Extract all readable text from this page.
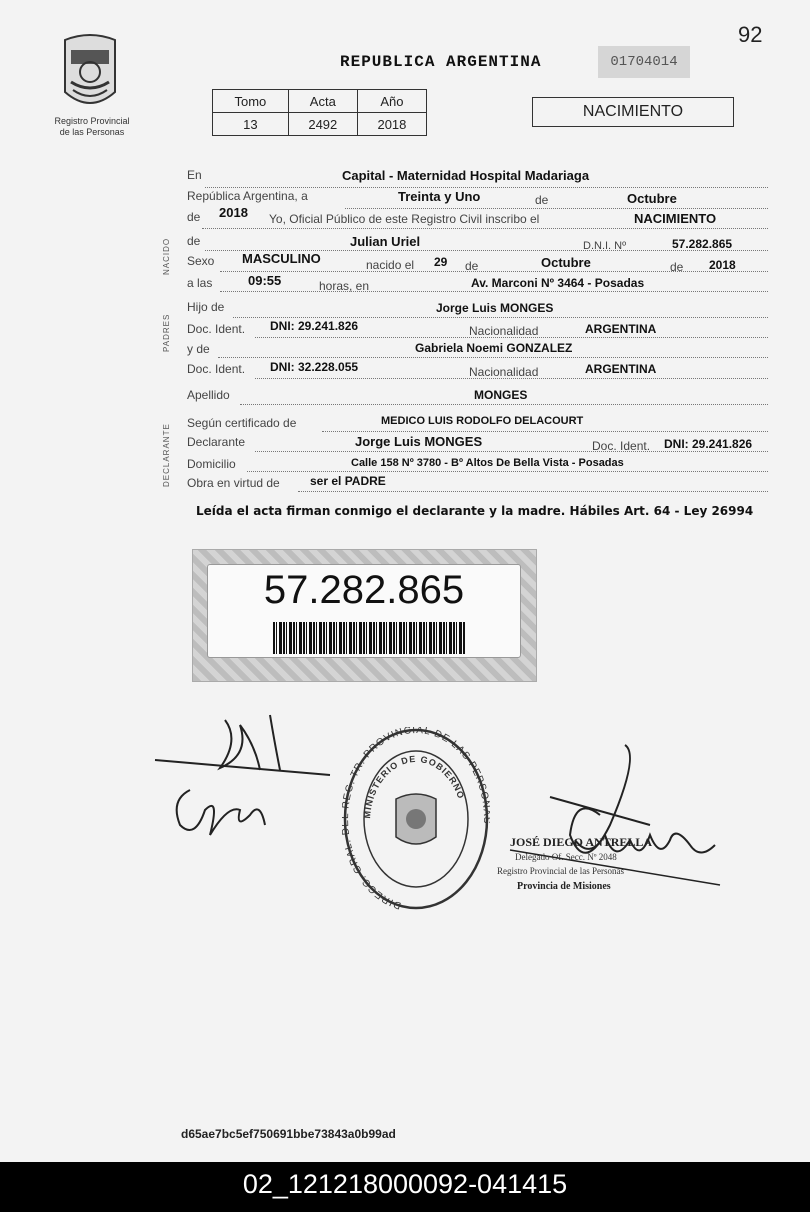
92
Registro Provincial
de las Personas
REPUBLICA ARGENTINA	01704014
Tomo	Acta	Año
13	2492	2018
NACIMIENTO
NACIDO
PADRES
DECLARANTE
En	Capital - Maternidad Hospital Madariaga
República Argentina, a	Treinta y Uno	de	Octubre
de 2018 Yo, Oficial Público de este Registro Civil inscribo el	NACIMIENTO
de	Julian Uriel	D.N.I. Nº	57.282.865
Sexo MASCULINO	nacido el 29 de	Octubre	de 2018
a las	09:55	horas, en	Av. Marconi Nº 3464 - Posadas
Hijo de	Jorge Luis MONGES
Doc. Ident. DNI: 29.241.826	Nacionalidad	ARGENTINA
y de	Gabriela Noemi GONZALEZ
Doc. Ident. DNI: 32.228.055	Nacionalidad	ARGENTINA
Apellido	MONGES
Según certificado de	MEDICO LUIS RODOLFO DELACOURT
Declarante	Jorge Luis MONGES	Doc. Ident. DNI: 29.241.826
Domicilio	Calle 158 Nº 3780 - Bº Altos De Bella Vista - Posadas
Obra en virtud de	ser el PADRE
Leída el acta firman conmigo el declarante y la madre. Hábiles Art. 64 - Ley 26994
57.282.865
DIRECC. GRAL. EG. TR. PROVINCIAL DE LAS PERSO
MINISTERIO DE GOBIERNO
JOSÉ DIEGO ANTRELLA
Delegado Of. Secc. Nº 2048
Registro Provincial de las Personas
Provincia de Misiones
d65ae7bc5ef750691bbe73843a0b99ad
02_121218000092-041415
